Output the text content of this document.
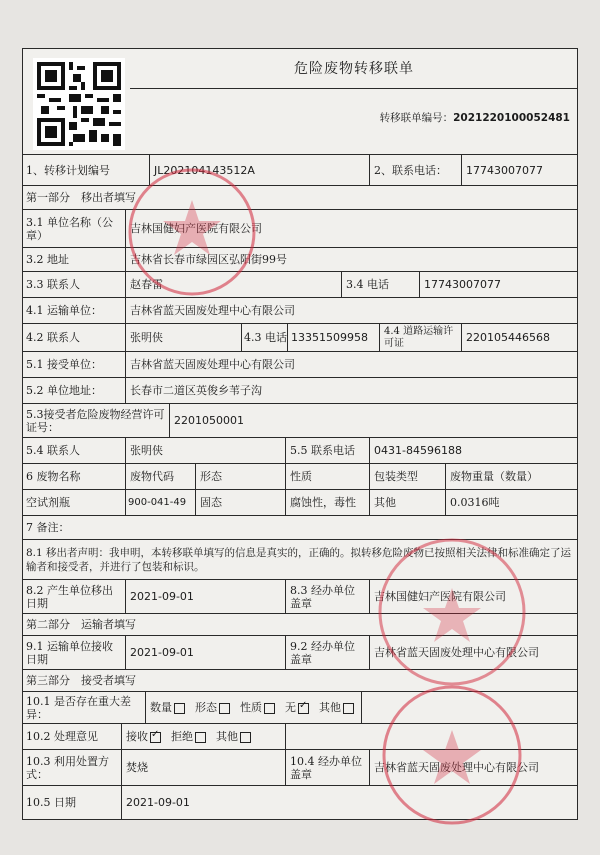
危险废物转移联单
转移联单编号：20212201000524​81
1、转移计划编号	JL202104143512A	2、联系电话：	17743007077
第一部分　移出者填写
3.1 单位名称（公章）	吉林国健妇产医院有限公司
3.2 地址	吉林省长春市绿园区弘阳街99号
3.3 联系人	赵春雷	3.4 电话	17743007077
4.1 运输单位：	吉林省蓝天固废处理中心有限公司
4.2 联系人	张明侠	4.3 电话 13351509958	4.4 道路运输许可证	220105446568
5.1 接受单位：	吉林省蓝天固废处理中心有限公司
5.2 单位地址：	长春市二道区英俊乡苇子沟
5.3接受者危险废物经营许可证号：	2201050001
5.4 联系人	张明侠	5.5 联系电话	0431-84596188
6 废物名称	废物代码	形态	性质	包装类型	废物重量（数量）
空试剂瓶	900-041-49	固态	腐蚀性，毒性	其他	0.0316吨
7 备注：
8.1 移出者声明：我申明，本转移联单填写的信息是真实的，正确的。拟转移危险废物已按照相关法律和标准确定了运输者和接受者，并进行了包装和标识。
8.2 产生单位移出日期	2021-09-01	8.3 经办单位盖章	吉林国健妇产医院有限公司
第二部分　运输者填写
9.1 运输单位接收日期	2021-09-01	9.2 经办单位盖章	吉林省蓝天固废处理中心有限公司
第三部分　接受者填写
10.1 是否存在重大差异：	数量	形态	性质	无 ✓	其他
10.2 处理意见	接收 ✓	拒绝	其他
10.3 利用处置方式：	焚烧	10.4 经办单位盖章	吉林省蓝天固废处理中心有限公司
10.5 日期	2021-09-01
